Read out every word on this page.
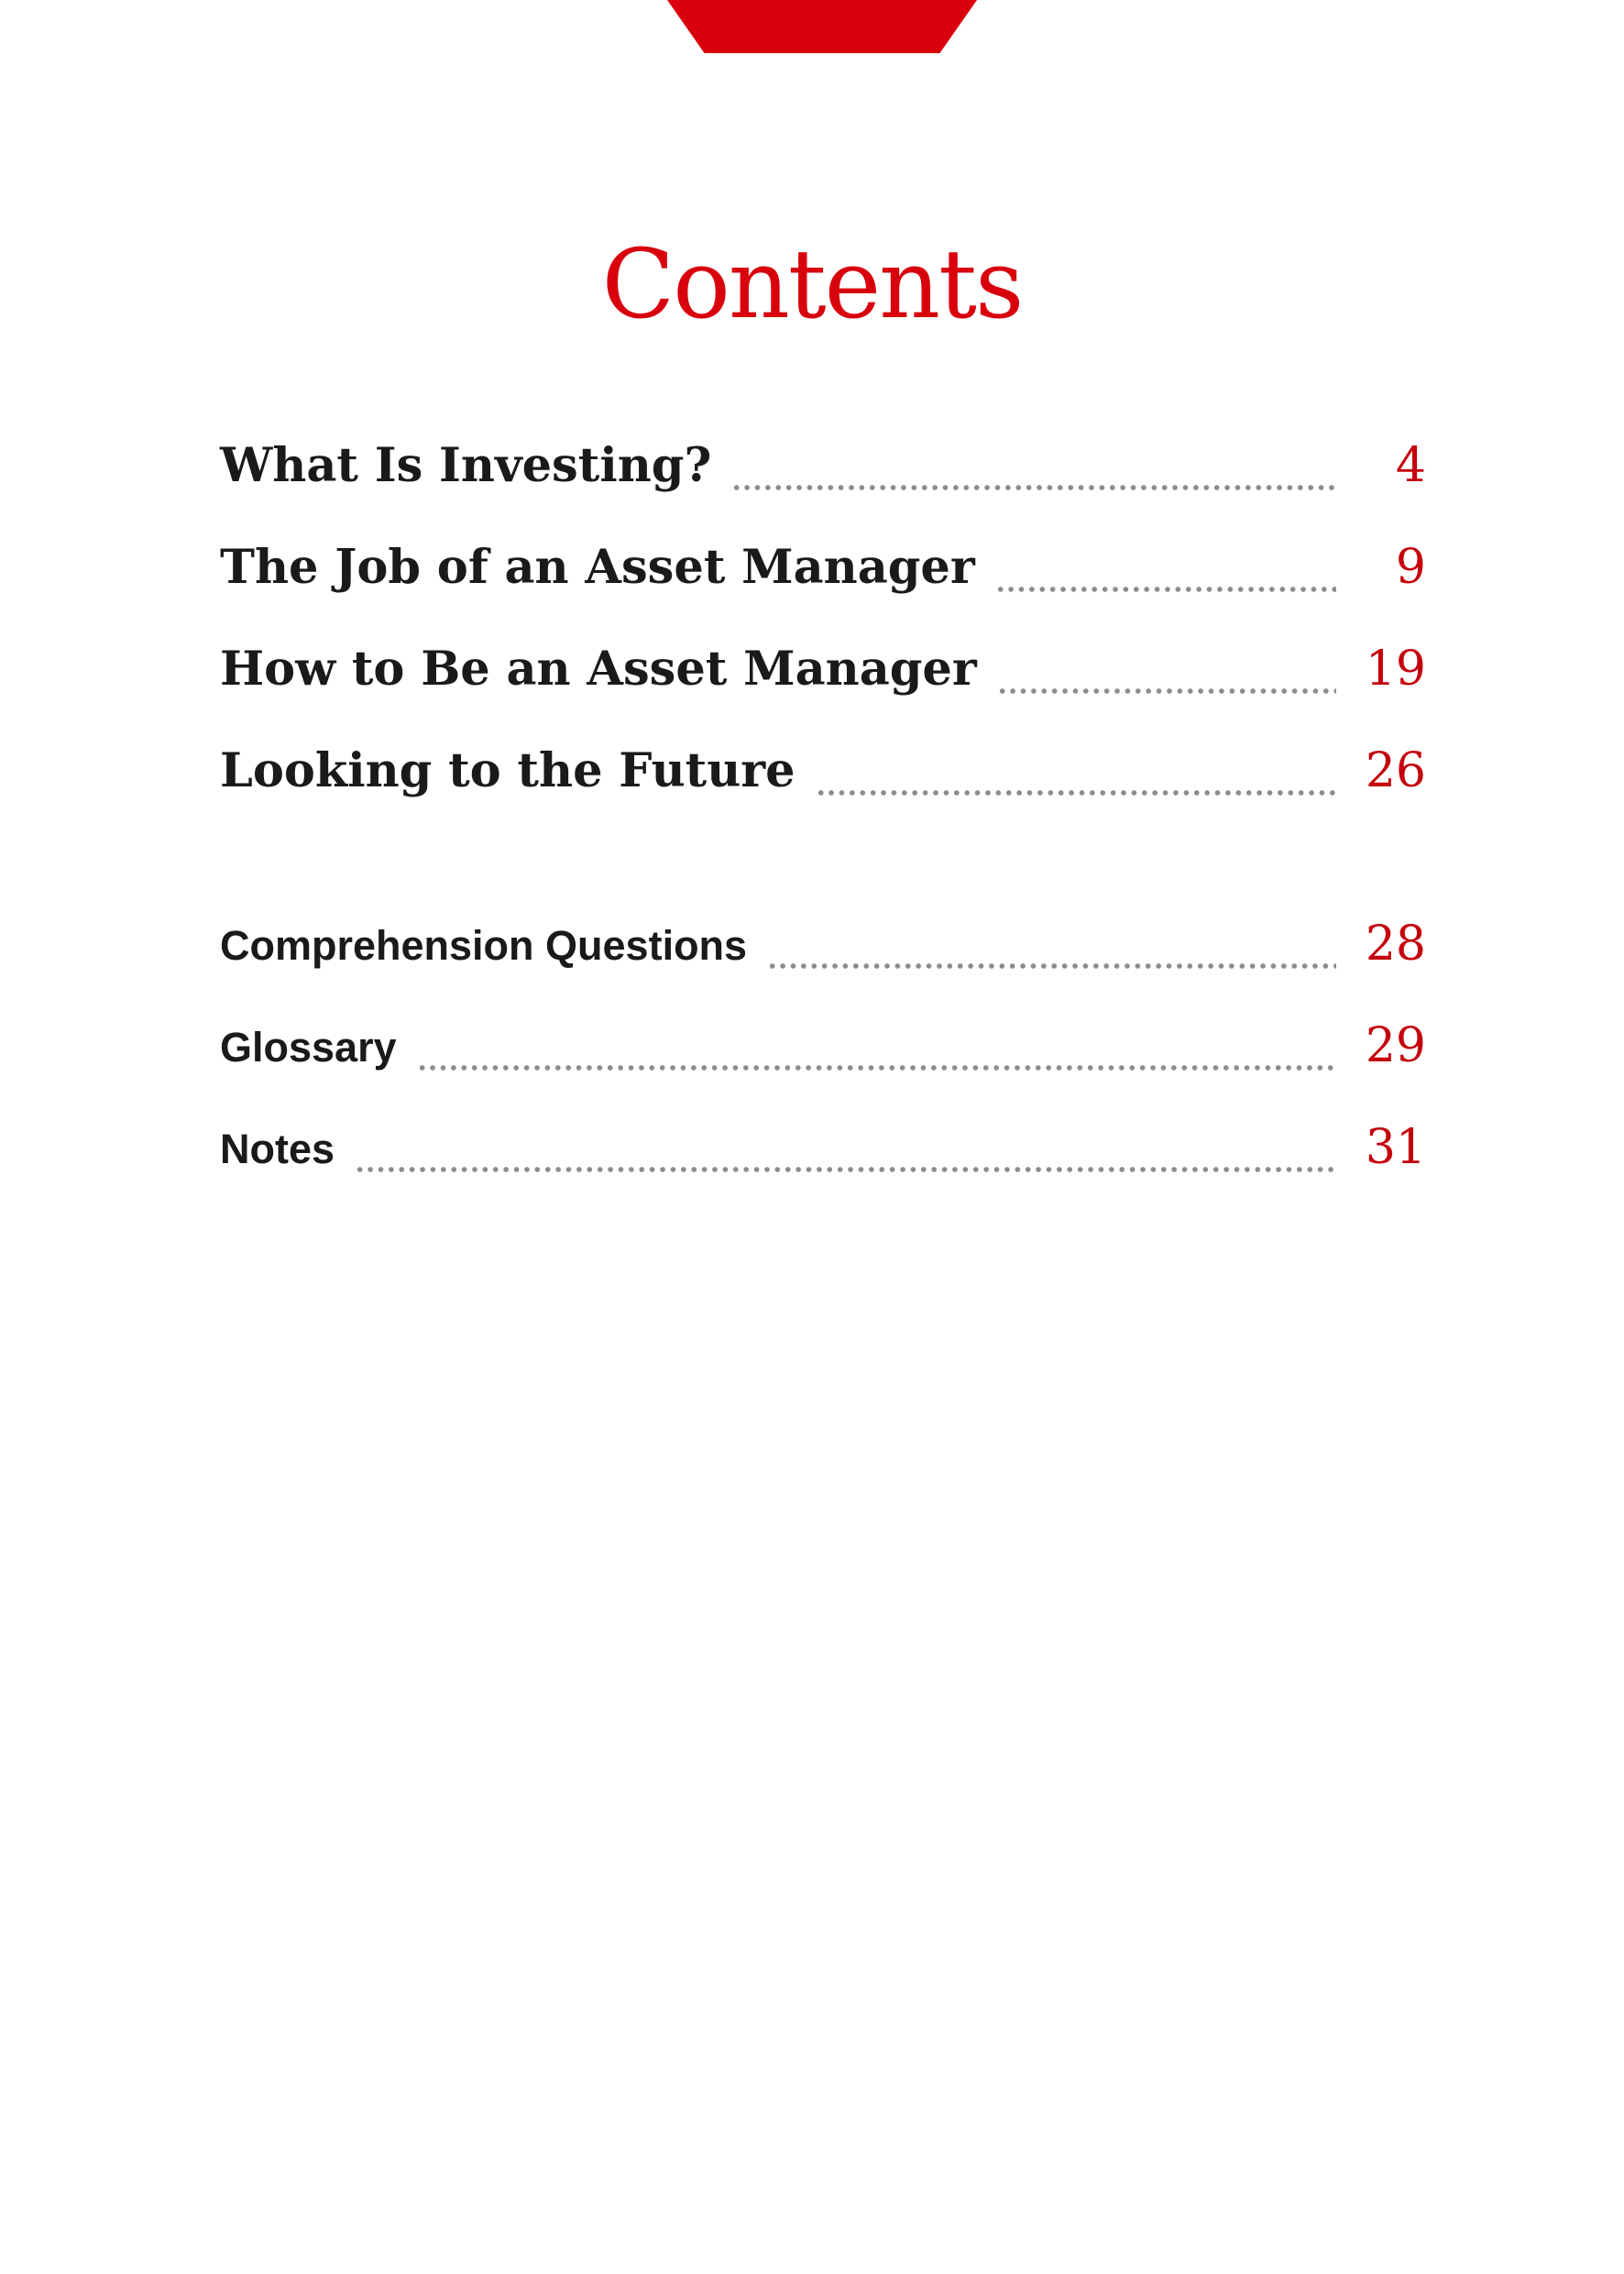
Contents
What Is Investing?	4
The Job of an Asset Manager	9
How to Be an Asset Manager	19
Looking to the Future	26
Comprehension Questions	28
Glossary	29
Notes	31
